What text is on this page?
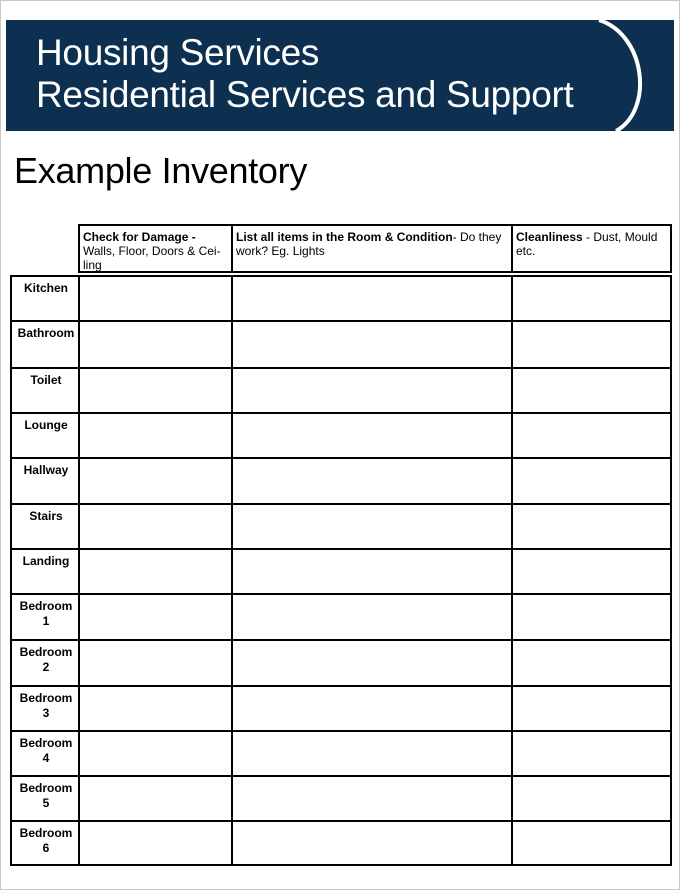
Housing Services
Residential Services and Support
Example Inventory
Check for Damage -
Walls, Floor, Doors & Cei-ling
List all items in the Room & Condition- Do they work? Eg. Lights
Cleanliness - Dust, Mould etc.
Kitchen
Bathroom
Toilet
Lounge
Hallway
Stairs
Landing
Bedroom
1
Bedroom
2
Bedroom
3
Bedroom
4
Bedroom
5
Bedroom
6
